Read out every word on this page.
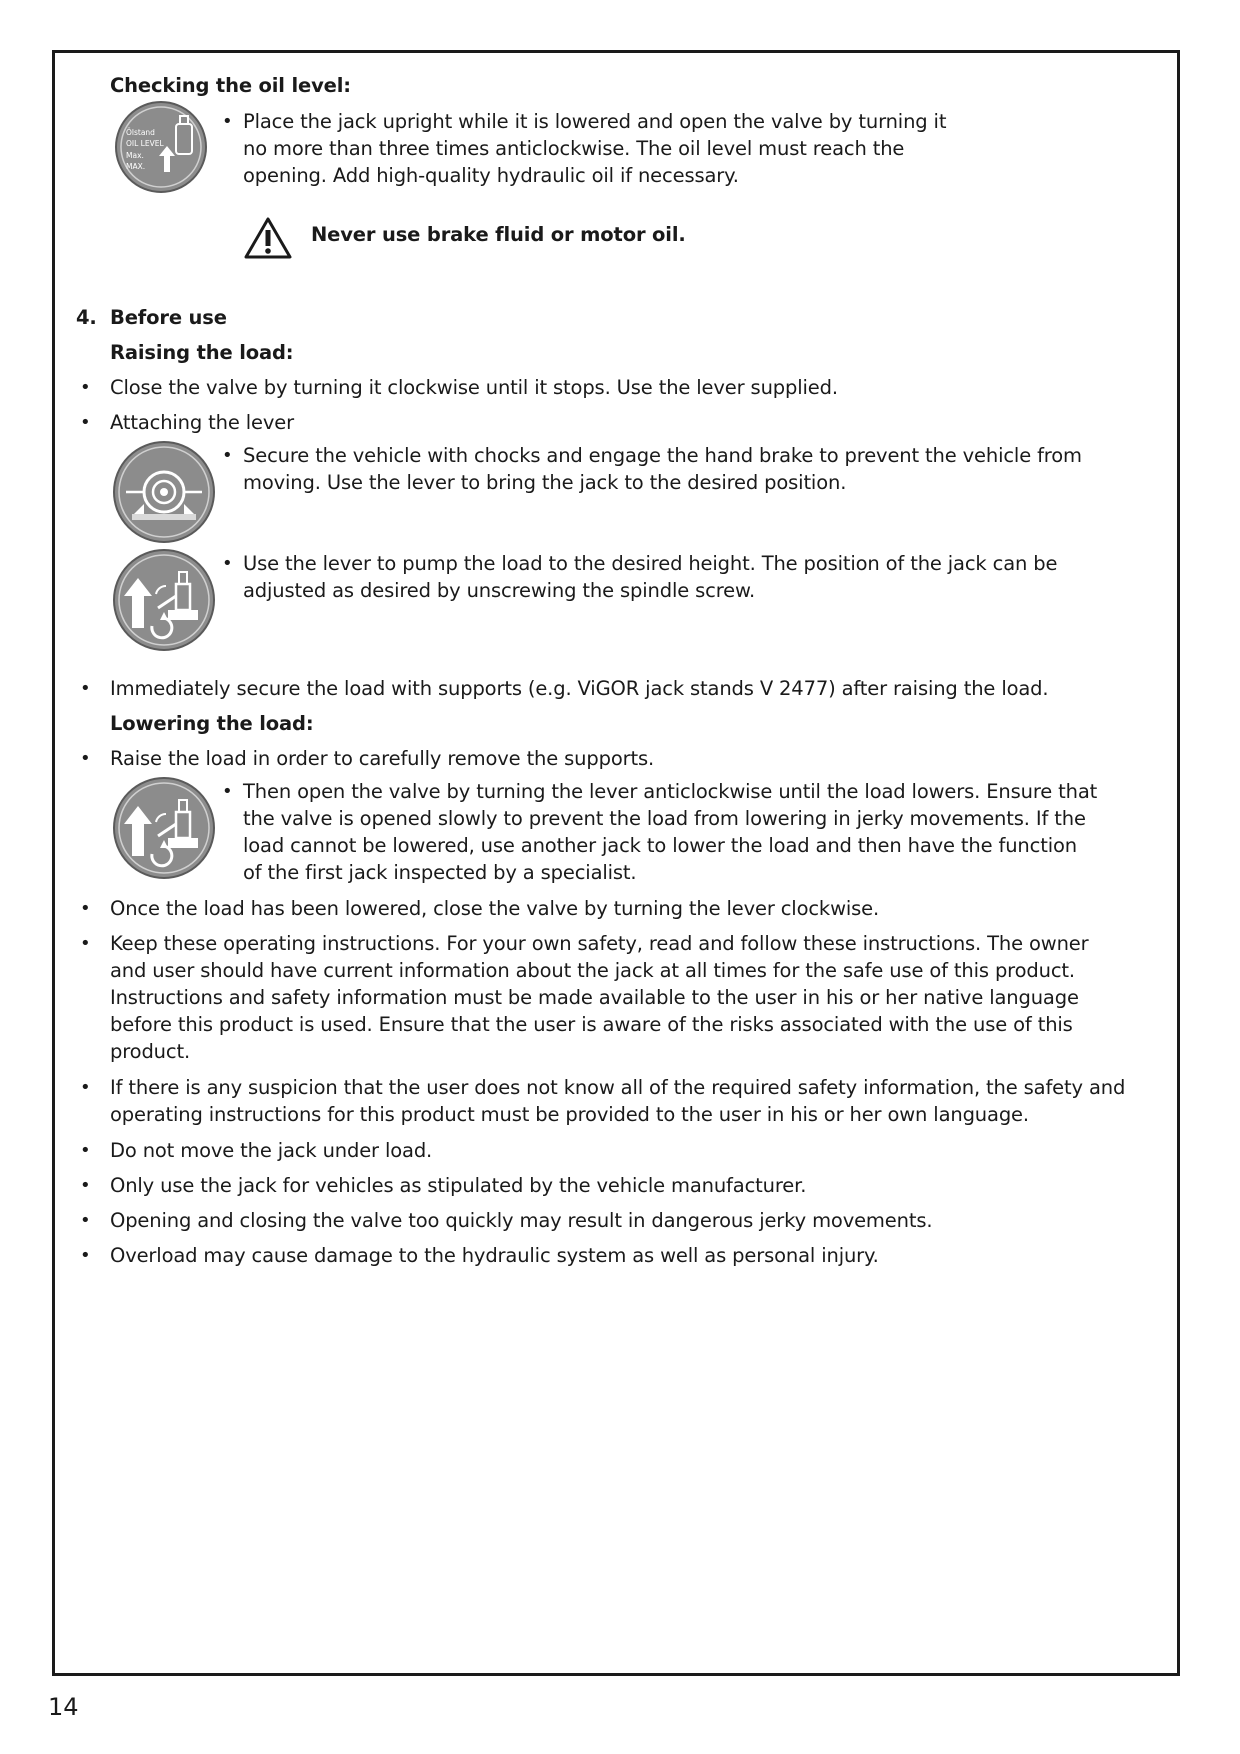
Checking the oil level:
Ölstand
OIL LEVEL
Max.
MAX.
• Place the jack upright while it is lowered and open the valve by turning it
no more than three times anticlockwise. The oil level must reach the
opening. Add high-quality hydraulic oil if necessary.
Never use brake fluid or motor oil.
4. Before use
Raising the load:
• Close the valve by turning it clockwise until it stops. Use the lever supplied.
• Attaching the lever
• Secure the vehicle with chocks and engage the hand brake to prevent the vehicle from
moving. Use the lever to bring the jack to the desired position.
• Use the lever to pump the load to the desired height. The position of the jack can be
adjusted as desired by unscrewing the spindle screw.
• Immediately secure the load with supports (e.g. ViGOR jack stands V 2477) after raising the load.
Lowering the load:
• Raise the load in order to carefully remove the supports.
• Then open the valve by turning the lever anticlockwise until the load lowers. Ensure that
the valve is opened slowly to prevent the load from lowering in jerky movements. If the
load cannot be lowered, use another jack to lower the load and then have the function
of the first jack inspected by a specialist.
• Once the load has been lowered, close the valve by turning the lever clockwise.
• Keep these operating instructions. For your own safety, read and follow these instructions. The owner
and user should have current information about the jack at all times for the safe use of this product.
Instructions and safety information must be made available to the user in his or her native language
before this product is used. Ensure that the user is aware of the risks associated with the use of this
product.
• If there is any suspicion that the user does not know all of the required safety information, the safety and
operating instructions for this product must be provided to the user in his or her own language.
• Do not move the jack under load.
• Only use the jack for vehicles as stipulated by the vehicle manufacturer.
• Opening and closing the valve too quickly may result in dangerous jerky movements.
• Overload may cause damage to the hydraulic system as well as personal injury.
14
